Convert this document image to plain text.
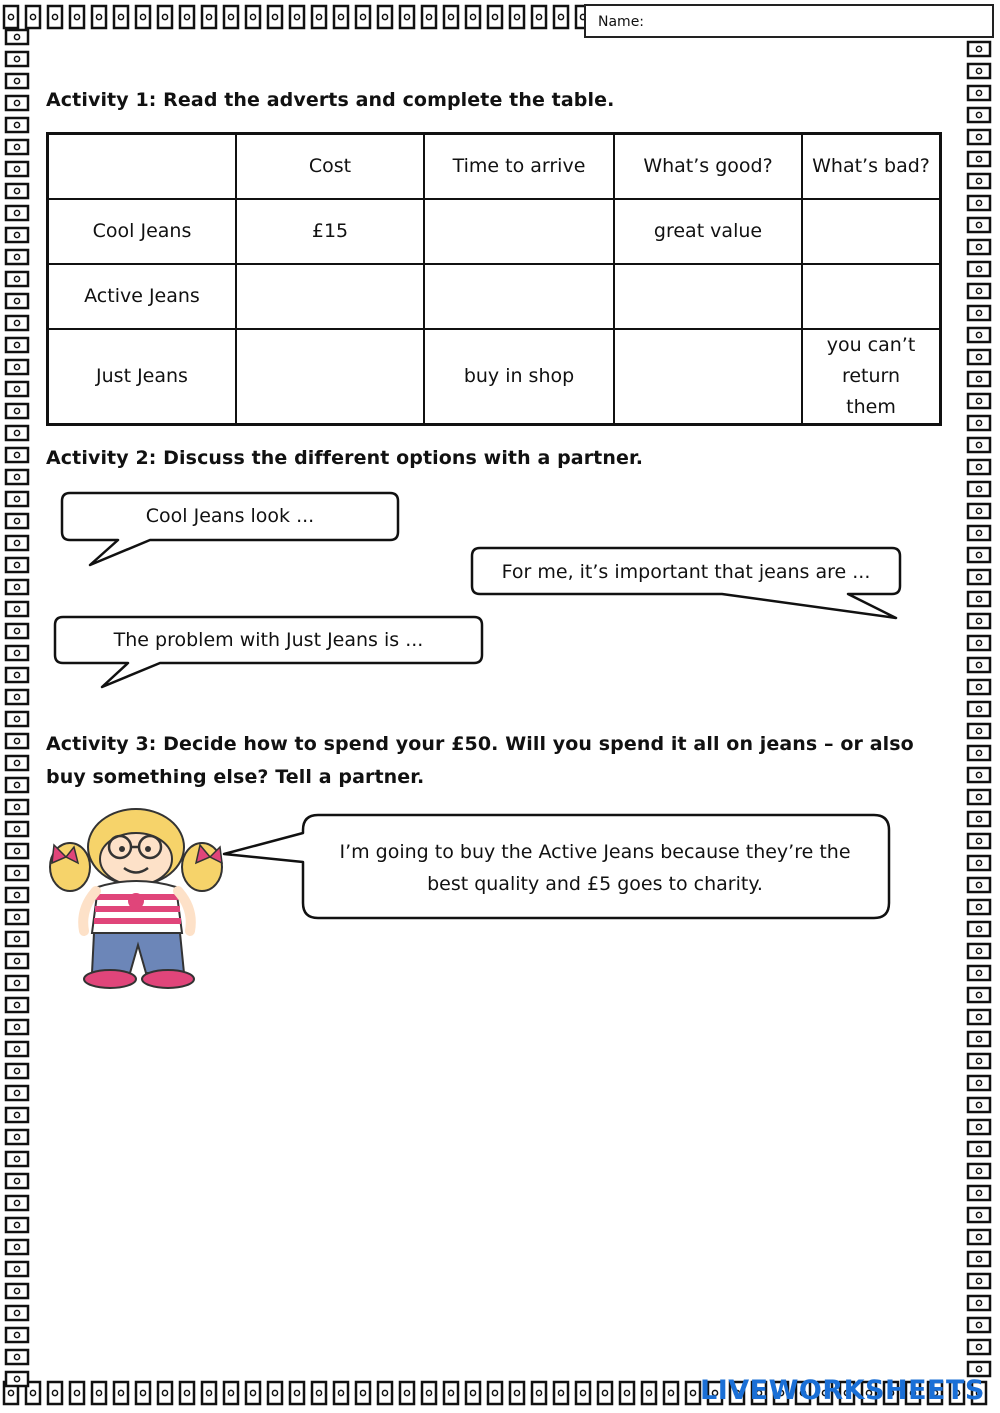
Name:
Activity 1: Read the adverts and complete the table.
	Cost	Time to arrive	What’s good?	What’s bad?
Cool Jeans	£15		great value	
Active Jeans				
Just Jeans		buy in shop		you can’t return them
Activity 2: Discuss the different options with a partner.
Cool Jeans look ...
For me, it’s important that jeans are ...
The problem with Just Jeans is ...
Activity 3: Decide how to spend your £50. Will you spend it all on jeans – or also buy something else? Tell a partner.
I’m going to buy the Active Jeans because they’re the best quality and £5 goes to charity.
LIVEWORKSHEETS
